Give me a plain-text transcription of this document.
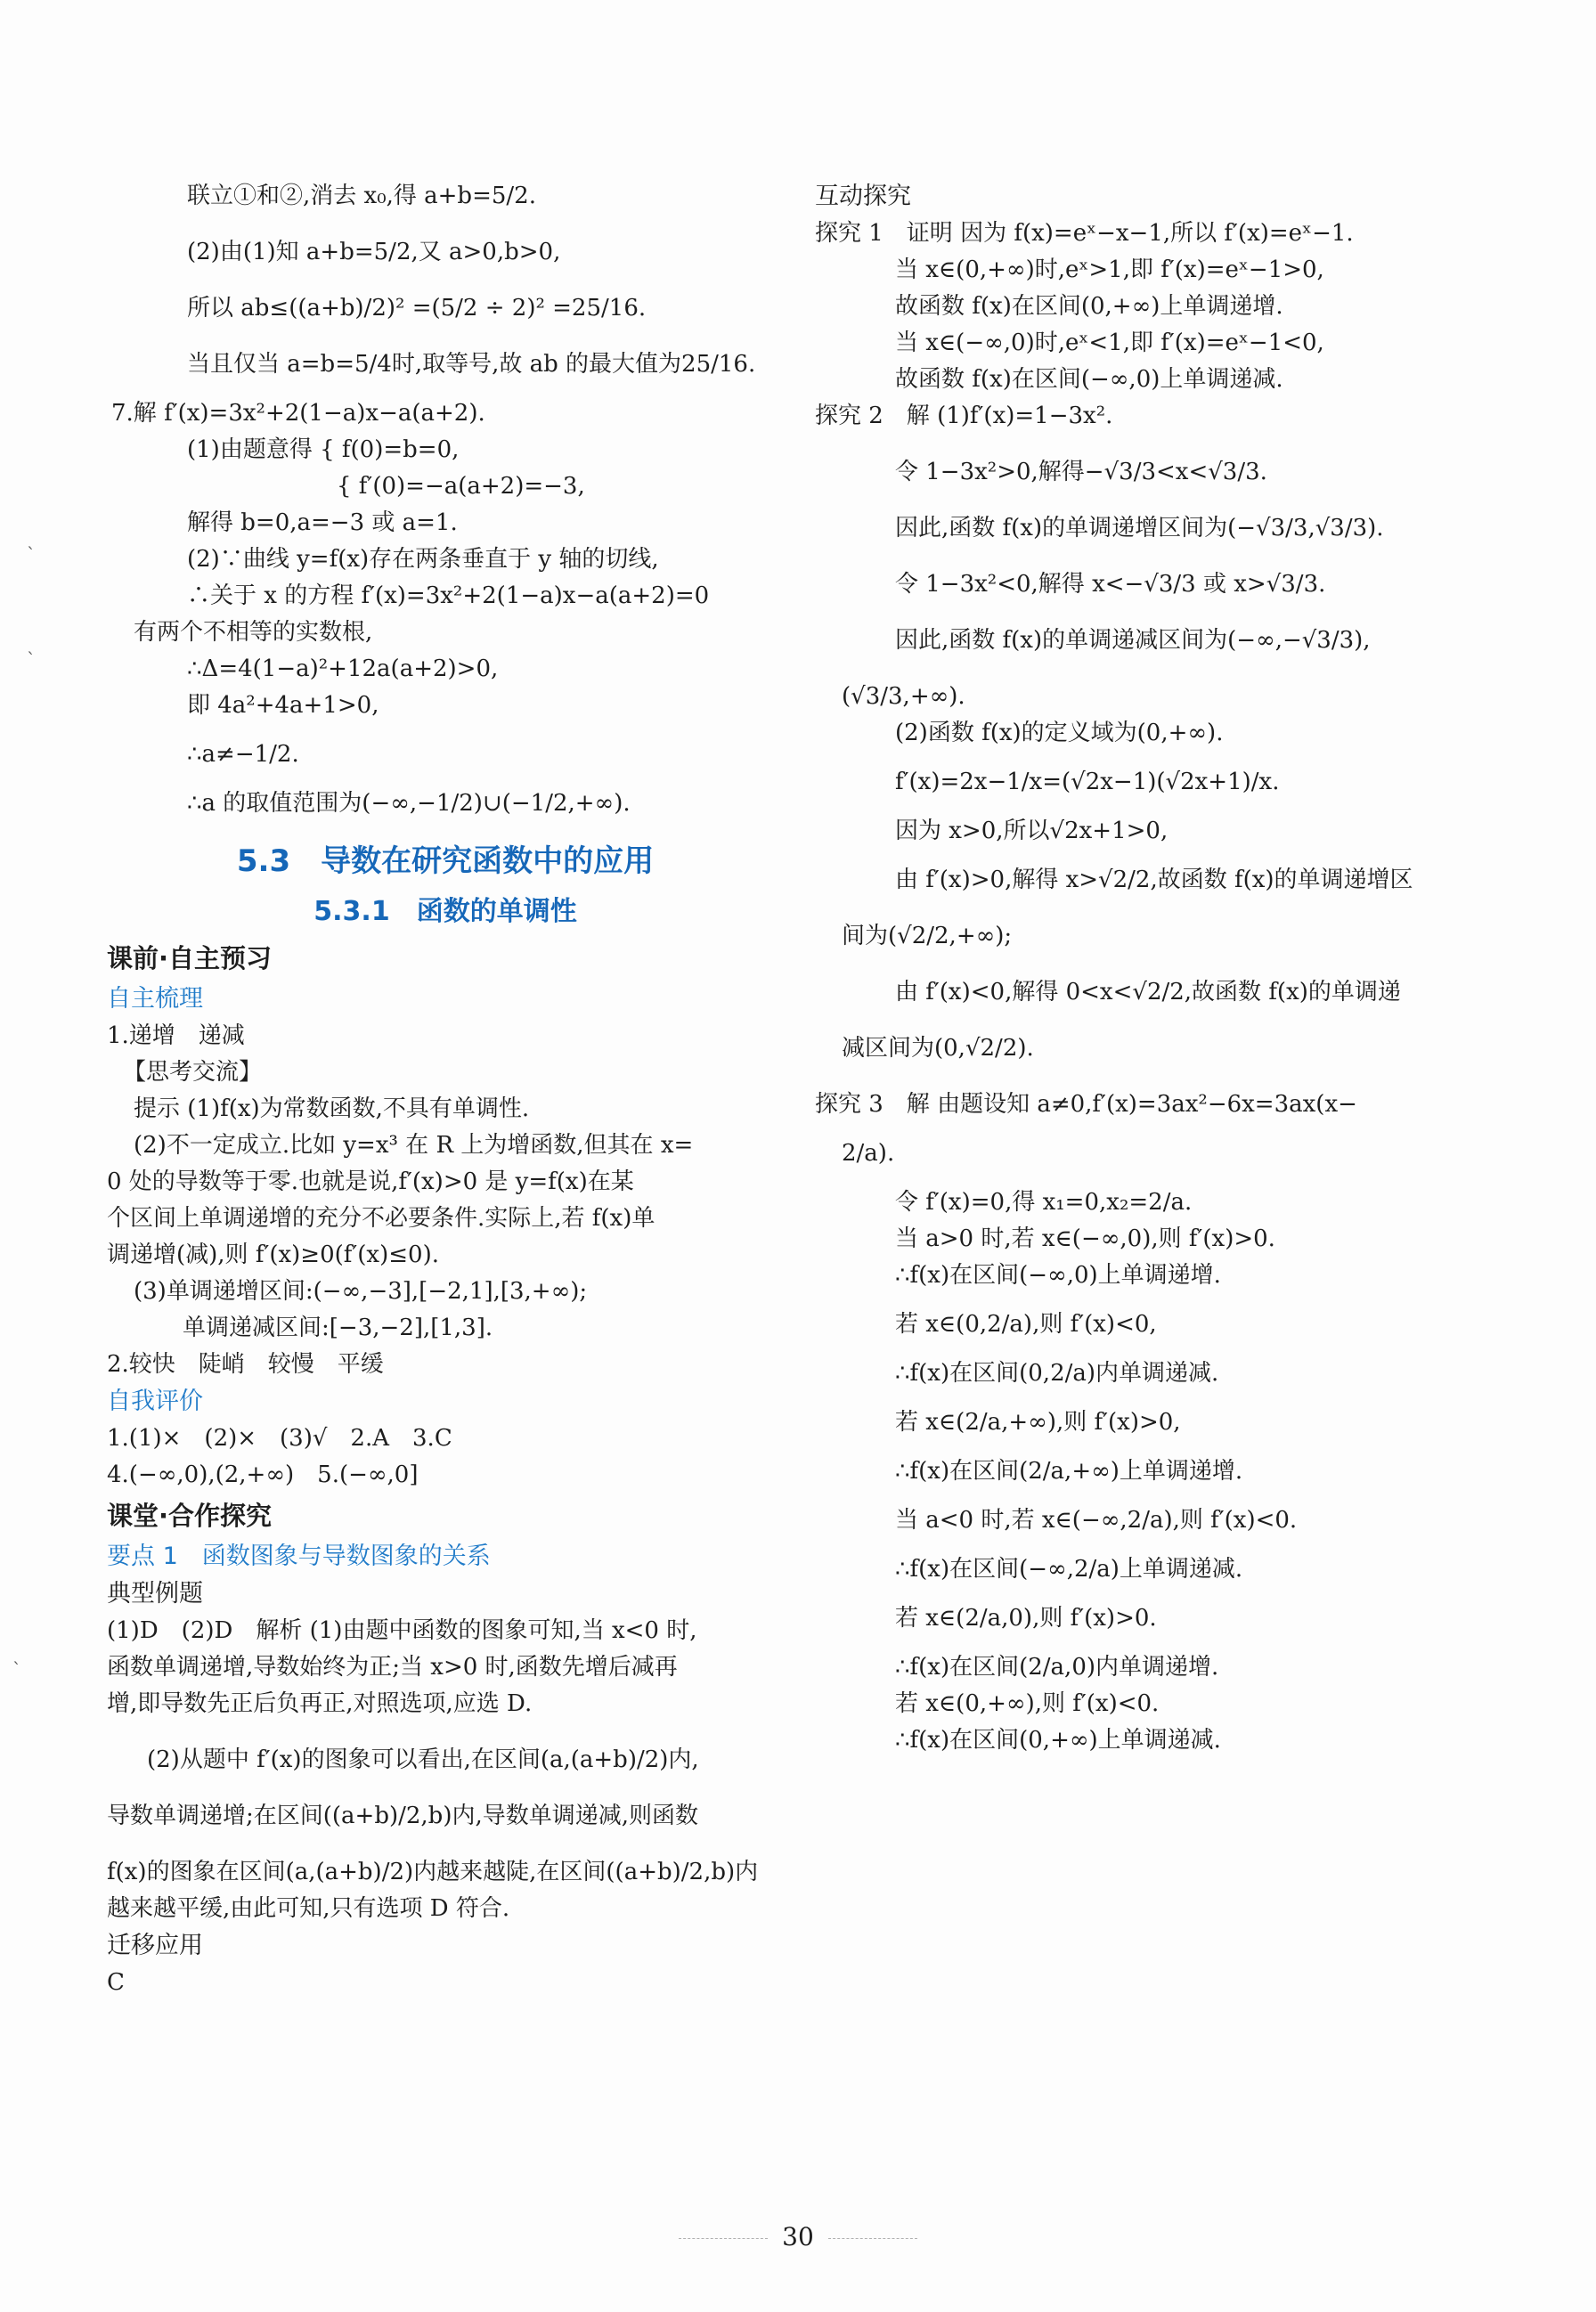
ˋ
ˋ
ˋ
联立①和②,消去 x₀,得 a+b=5/2.
(2)由(1)知 a+b=5/2,又 a>0,b>0,
所以 ab≤((a+b)/2)² =(5/2 ÷ 2)² =25/16.
当且仅当 a=b=5/4时,取等号,故 ab 的最大值为25/16.
7.解 f′(x)=3x²+2(1−a)x−a(a+2).
(1)由题意得 { f(0)=b=0,
{ f′(0)=−a(a+2)=−3,
解得 b=0,a=−3 或 a=1.
(2)∵曲线 y=f(x)存在两条垂直于 y 轴的切线,
∴关于 x 的方程 f′(x)=3x²+2(1−a)x−a(a+2)=0
有两个不相等的实数根,
∴Δ=4(1−a)²+12a(a+2)>0,
即 4a²+4a+1>0,
∴a≠−1/2.
∴a 的取值范围为(−∞,−1/2)∪(−1/2,+∞).
5.3　导数在研究函数中的应用
5.3.1　函数的单调性
课前·自主预习
自主梳理
1.递增　递减
【思考交流】
提示 (1)f(x)为常数函数,不具有单调性.
(2)不一定成立.比如 y=x³ 在 R 上为增函数,但其在 x=
0 处的导数等于零.也就是说,f′(x)>0 是 y=f(x)在某
个区间上单调递增的充分不必要条件.实际上,若 f(x)单
调递增(减),则 f′(x)≥0(f′(x)≤0).
(3)单调递增区间:(−∞,−3],[−2,1],[3,+∞);
单调递减区间:[−3,−2],[1,3].
2.较快　陡峭　较慢　平缓
自我评价
1.(1)×　(2)×　(3)√　2.A　3.C
4.(−∞,0),(2,+∞)　5.(−∞,0]
课堂·合作探究
要点 1　函数图象与导数图象的关系
典型例题
(1)D　(2)D　解析 (1)由题中函数的图象可知,当 x<0 时,
函数单调递增,导数始终为正;当 x>0 时,函数先增后减再
增,即导数先正后负再正,对照选项,应选 D.
(2)从题中 f′(x)的图象可以看出,在区间(a,(a+b)/2)内,
导数单调递增;在区间((a+b)/2,b)内,导数单调递减,则函数
f(x)的图象在区间(a,(a+b)/2)内越来越陡,在区间((a+b)/2,b)内
越来越平缓,由此可知,只有选项 D 符合.
迁移应用
C
互动探究
探究 1　证明 因为 f(x)=eˣ−x−1,所以 f′(x)=eˣ−1.
当 x∈(0,+∞)时,eˣ>1,即 f′(x)=eˣ−1>0,
故函数 f(x)在区间(0,+∞)上单调递增.
当 x∈(−∞,0)时,eˣ<1,即 f′(x)=eˣ−1<0,
故函数 f(x)在区间(−∞,0)上单调递减.
探究 2　解 (1)f′(x)=1−3x².
令 1−3x²>0,解得−√3/3<x<√3/3.
因此,函数 f(x)的单调递增区间为(−√3/3,√3/3).
令 1−3x²<0,解得 x<−√3/3 或 x>√3/3.
因此,函数 f(x)的单调递减区间为(−∞,−√3/3),
(√3/3,+∞).
(2)函数 f(x)的定义域为(0,+∞).
f′(x)=2x−1/x=(√2x−1)(√2x+1)/x.
因为 x>0,所以√2x+1>0,
由 f′(x)>0,解得 x>√2/2,故函数 f(x)的单调递增区
间为(√2/2,+∞);
由 f′(x)<0,解得 0<x<√2/2,故函数 f(x)的单调递
减区间为(0,√2/2).
探究 3　解 由题设知 a≠0,f′(x)=3ax²−6x=3ax(x−
2/a).
令 f′(x)=0,得 x₁=0,x₂=2/a.
当 a>0 时,若 x∈(−∞,0),则 f′(x)>0.
∴f(x)在区间(−∞,0)上单调递增.
若 x∈(0,2/a),则 f′(x)<0,
∴f(x)在区间(0,2/a)内单调递减.
若 x∈(2/a,+∞),则 f′(x)>0,
∴f(x)在区间(2/a,+∞)上单调递增.
当 a<0 时,若 x∈(−∞,2/a),则 f′(x)<0.
∴f(x)在区间(−∞,2/a)上单调递减.
若 x∈(2/a,0),则 f′(x)>0.
∴f(x)在区间(2/a,0)内单调递增.
若 x∈(0,+∞),则 f′(x)<0.
∴f(x)在区间(0,+∞)上单调递减.
30
